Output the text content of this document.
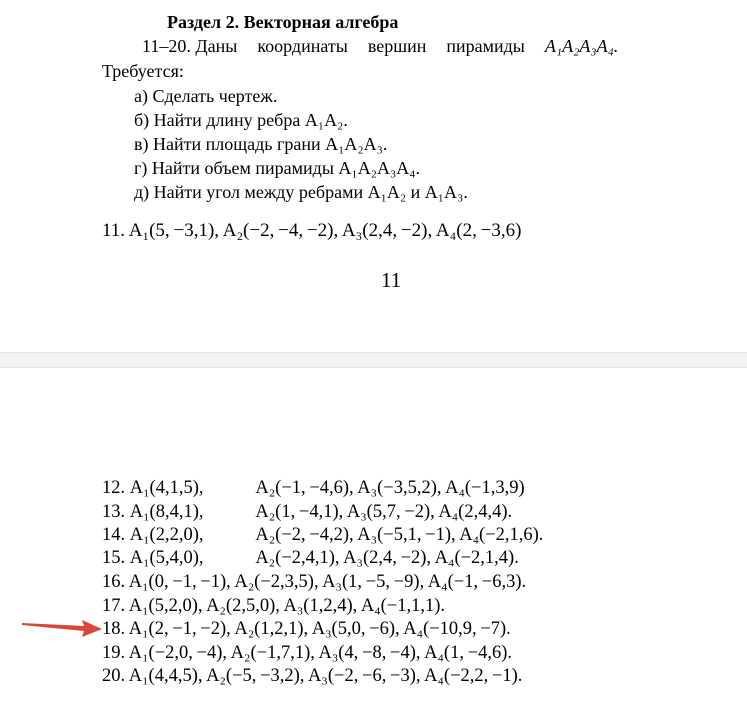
Раздел 2. Векторная алгебра
11–20. Даны координаты вершин пирамиды A₁A₂A₃A₄.
Требуется:
а) Сделать чертеж.
б) Найти длину ребра A₁A₂.
в) Найти площадь грани A₁A₂A₃.
г) Найти объем пирамиды A₁A₂A₃A₄.
д) Найти угол между ребрами A₁A₂ и A₁A₃.
11. A₁(5, −3,1), A₂(−2, −4, −2), A₃(2,4, −2), A₄(2, −3,6)
11
12. A₁(4,1,5),	A₂(−1, −4,6), A₃(−3,5,2), A₄(−1,3,9)
13. A₁(8,4,1),	A₂(1, −4,1), A₃(5,7, −2), A₄(2,4,4).
14. A₁(2,2,0),	A₂(−2, −4,2), A₃(−5,1, −1), A₄(−2,1,6).
15. A₁(5,4,0),	A₂(−2,4,1), A₃(2,4, −2), A₄(−2,1,4).
16. A₁(0, −1, −1), A₂(−2,3,5), A₃(1, −5, −9), A₄(−1, −6,3).
17. A₁(5,2,0), A₂(2,5,0), A₃(1,2,4), A₄(−1,1,1).
18. A₁(2, −1, −2), A₂(1,2,1), A₃(5,0, −6), A₄(−10,9, −7).
19. A₁(−2,0, −4), A₂(−1,7,1), A₃(4, −8, −4), A₄(1, −4,6).
20. A₁(4,4,5), A₂(−5, −3,2), A₃(−2, −6, −3), A₄(−2,2, −1).
